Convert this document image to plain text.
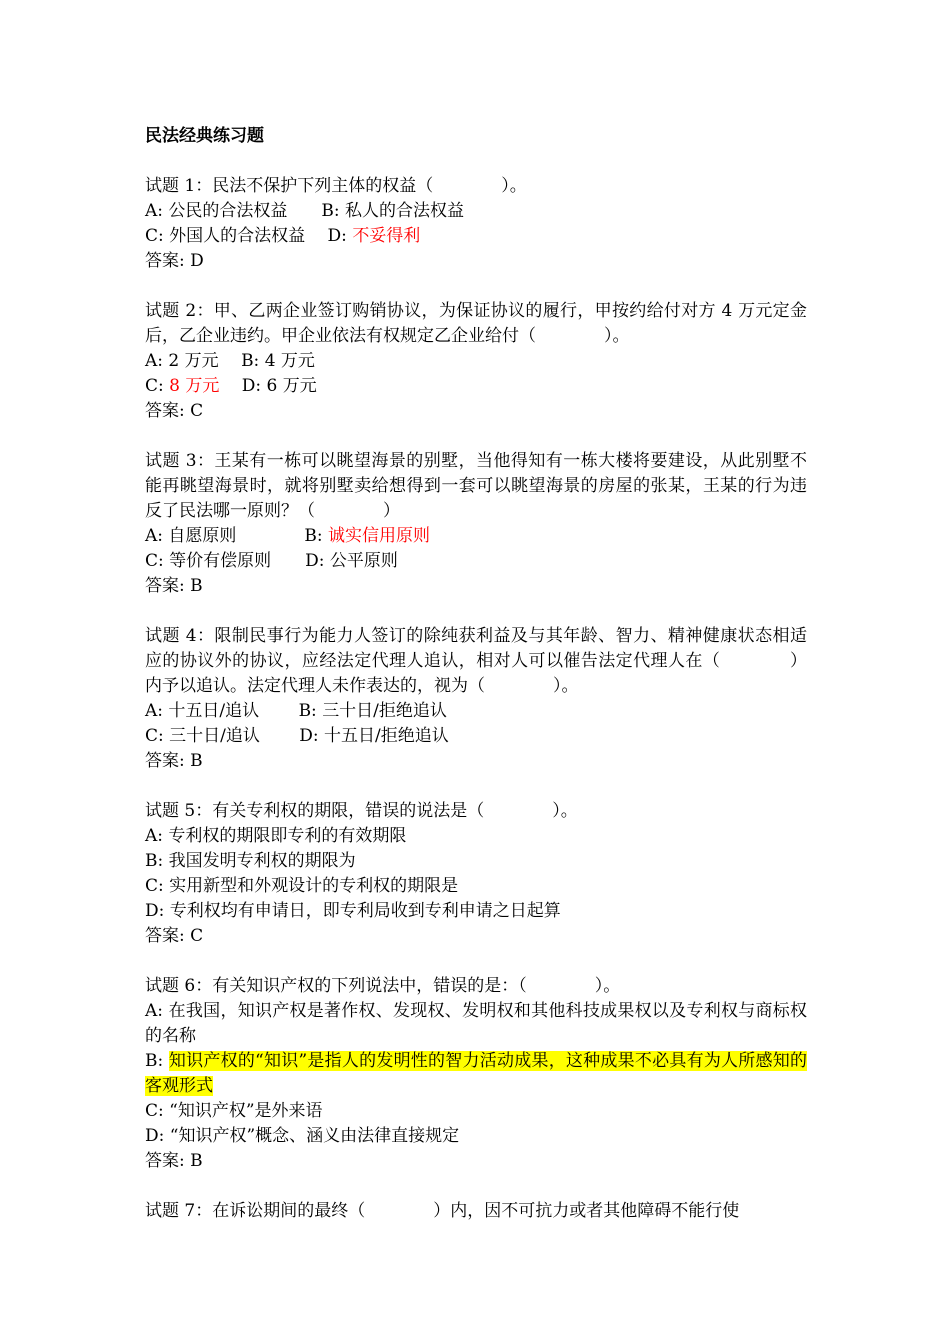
民法经典练习题
试题 1：民法不保护下列主体的权益（　　　　）。
A: 公民的合法权益　　 B: 私人的合法权益
C: 外国人的合法权益　 D: 不妥得利
答案: D
试题 2：甲、乙两企业签订购销协议，为保证协议的履行，甲按约给付对方 4 万元定金后，乙企业违约。甲企业依法有权规定乙企业给付（　　　　）。
A: 2 万元　 B: 4 万元
C: 8 万元　 D: 6 万元
答案: C
试题 3：王某有一栋可以眺望海景的别墅，当他得知有一栋大楼将要建设，从此别墅不能再眺望海景时，就将别墅卖给想得到一套可以眺望海景的房屋的张某，王某的行为违反了民法哪一原则？（　　　　）
A: 自愿原则　　　　	B: 诚实信用原则
C: 等价有偿原则　　 D: 公平原则
答案: B
试题 4：限制民事行为能力人签订的除纯获利益及与其年龄、智力、精神健康状态相适应的协议外的协议，应经法定代理人追认，相对人可以催告法定代理人在（　　　　）内予以追认。法定代理人未作表达的，视为（　　　　）。
A: 十五日/追认　　 B: 三十日/拒绝追认
C: 三十日/追认　　 D: 十五日/拒绝追认
答案: B
试题 5：有关专利权的期限，错误的说法是（　　　　）。
A: 专利权的期限即专利的有效期限
B: 我国发明专利权的期限为
C: 实用新型和外观设计的专利权的期限是
D: 专利权均有申请日，即专利局收到专利申请之日起算
答案: C
试题 6：有关知识产权的下列说法中，错误的是：（　　　　）。
A: 在我国，知识产权是著作权、发现权、发明权和其他科技成果权以及专利权与商标权的名称
B: 知识产权的“知识”是指人的发明性的智力活动成果，这种成果不必具有为人所感知的客观形式
C: “知识产权”是外来语
D: “知识产权”概念、涵义由法律直接规定
答案: B
试题 7：在诉讼期间的最终（　　　　）内，因不可抗力或者其他障碍不能行使
